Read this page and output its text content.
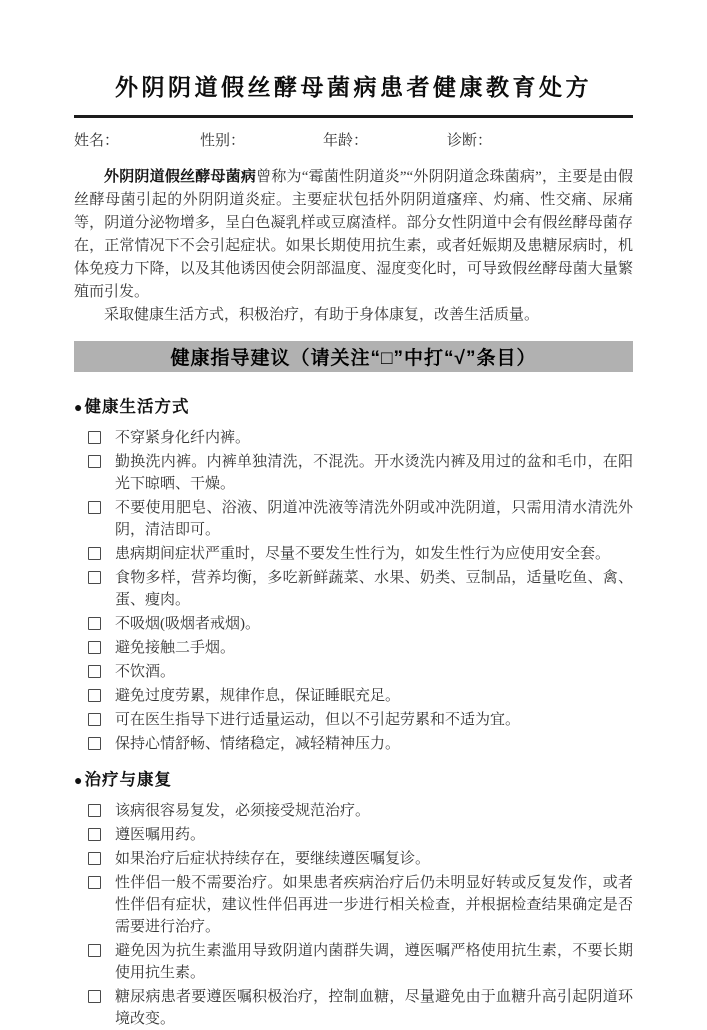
外阴阴道假丝酵母菌病患者健康教育处方
姓名：	性别：	年龄：	诊断：

外阴阴道假丝酵母菌病曾称为“霉菌性阴道炎”“外阴阴道念珠菌病”，主要是由假丝酵母菌引起的外阴阴道炎症。主要症状包括外阴阴道瘙痒、灼痛、性交痛、尿痛等，阴道分泌物增多，呈白色凝乳样或豆腐渣样。部分女性阴道中会有假丝酵母菌存在，正常情况下不会引起症状。如果长期使用抗生素，或者妊娠期及患糖尿病时，机体免疫力下降，以及其他诱因使会阴部温度、湿度变化时，可导致假丝酵母菌大量繁殖而引发。

采取健康生活方式，积极治疗，有助于身体康复，改善生活质量。

健康指导建议（请关注“□”中打“√”条目）
●健康生活方式
不穿紧身化纤内裤。
勤换洗内裤。内裤单独清洗，不混洗。开水烫洗内裤及用过的盆和毛巾，在阳光下晾晒、干燥。
不要使用肥皂、浴液、阴道冲洗液等清洗外阴或冲洗阴道，只需用清水清洗外阴，清洁即可。
患病期间症状严重时，尽量不要发生性行为，如发生性行为应使用安全套。
食物多样，营养均衡，多吃新鲜蔬菜、水果、奶类、豆制品，适量吃鱼、禽、蛋、瘦肉。
不吸烟(吸烟者戒烟)。
避免接触二手烟。
不饮酒。
避免过度劳累，规律作息，保证睡眠充足。
可在医生指导下进行适量运动，但以不引起劳累和不适为宜。
保持心情舒畅、情绪稳定，减轻精神压力。
●治疗与康复
该病很容易复发，必须接受规范治疗。
遵医嘱用药。
如果治疗后症状持续存在，要继续遵医嘱复诊。
性伴侣一般不需要治疗。如果患者疾病治疗后仍未明显好转或反复发作，或者性伴侣有症状，建议性伴侣再进一步进行相关检查，并根据检查结果确定是否需要进行治疗。
避免因为抗生素滥用导致阴道内菌群失调，遵医嘱严格使用抗生素，不要长期使用抗生素。
糖尿病患者要遵医嘱积极治疗，控制血糖，尽量避免由于血糖升高引起阴道环境改变。
